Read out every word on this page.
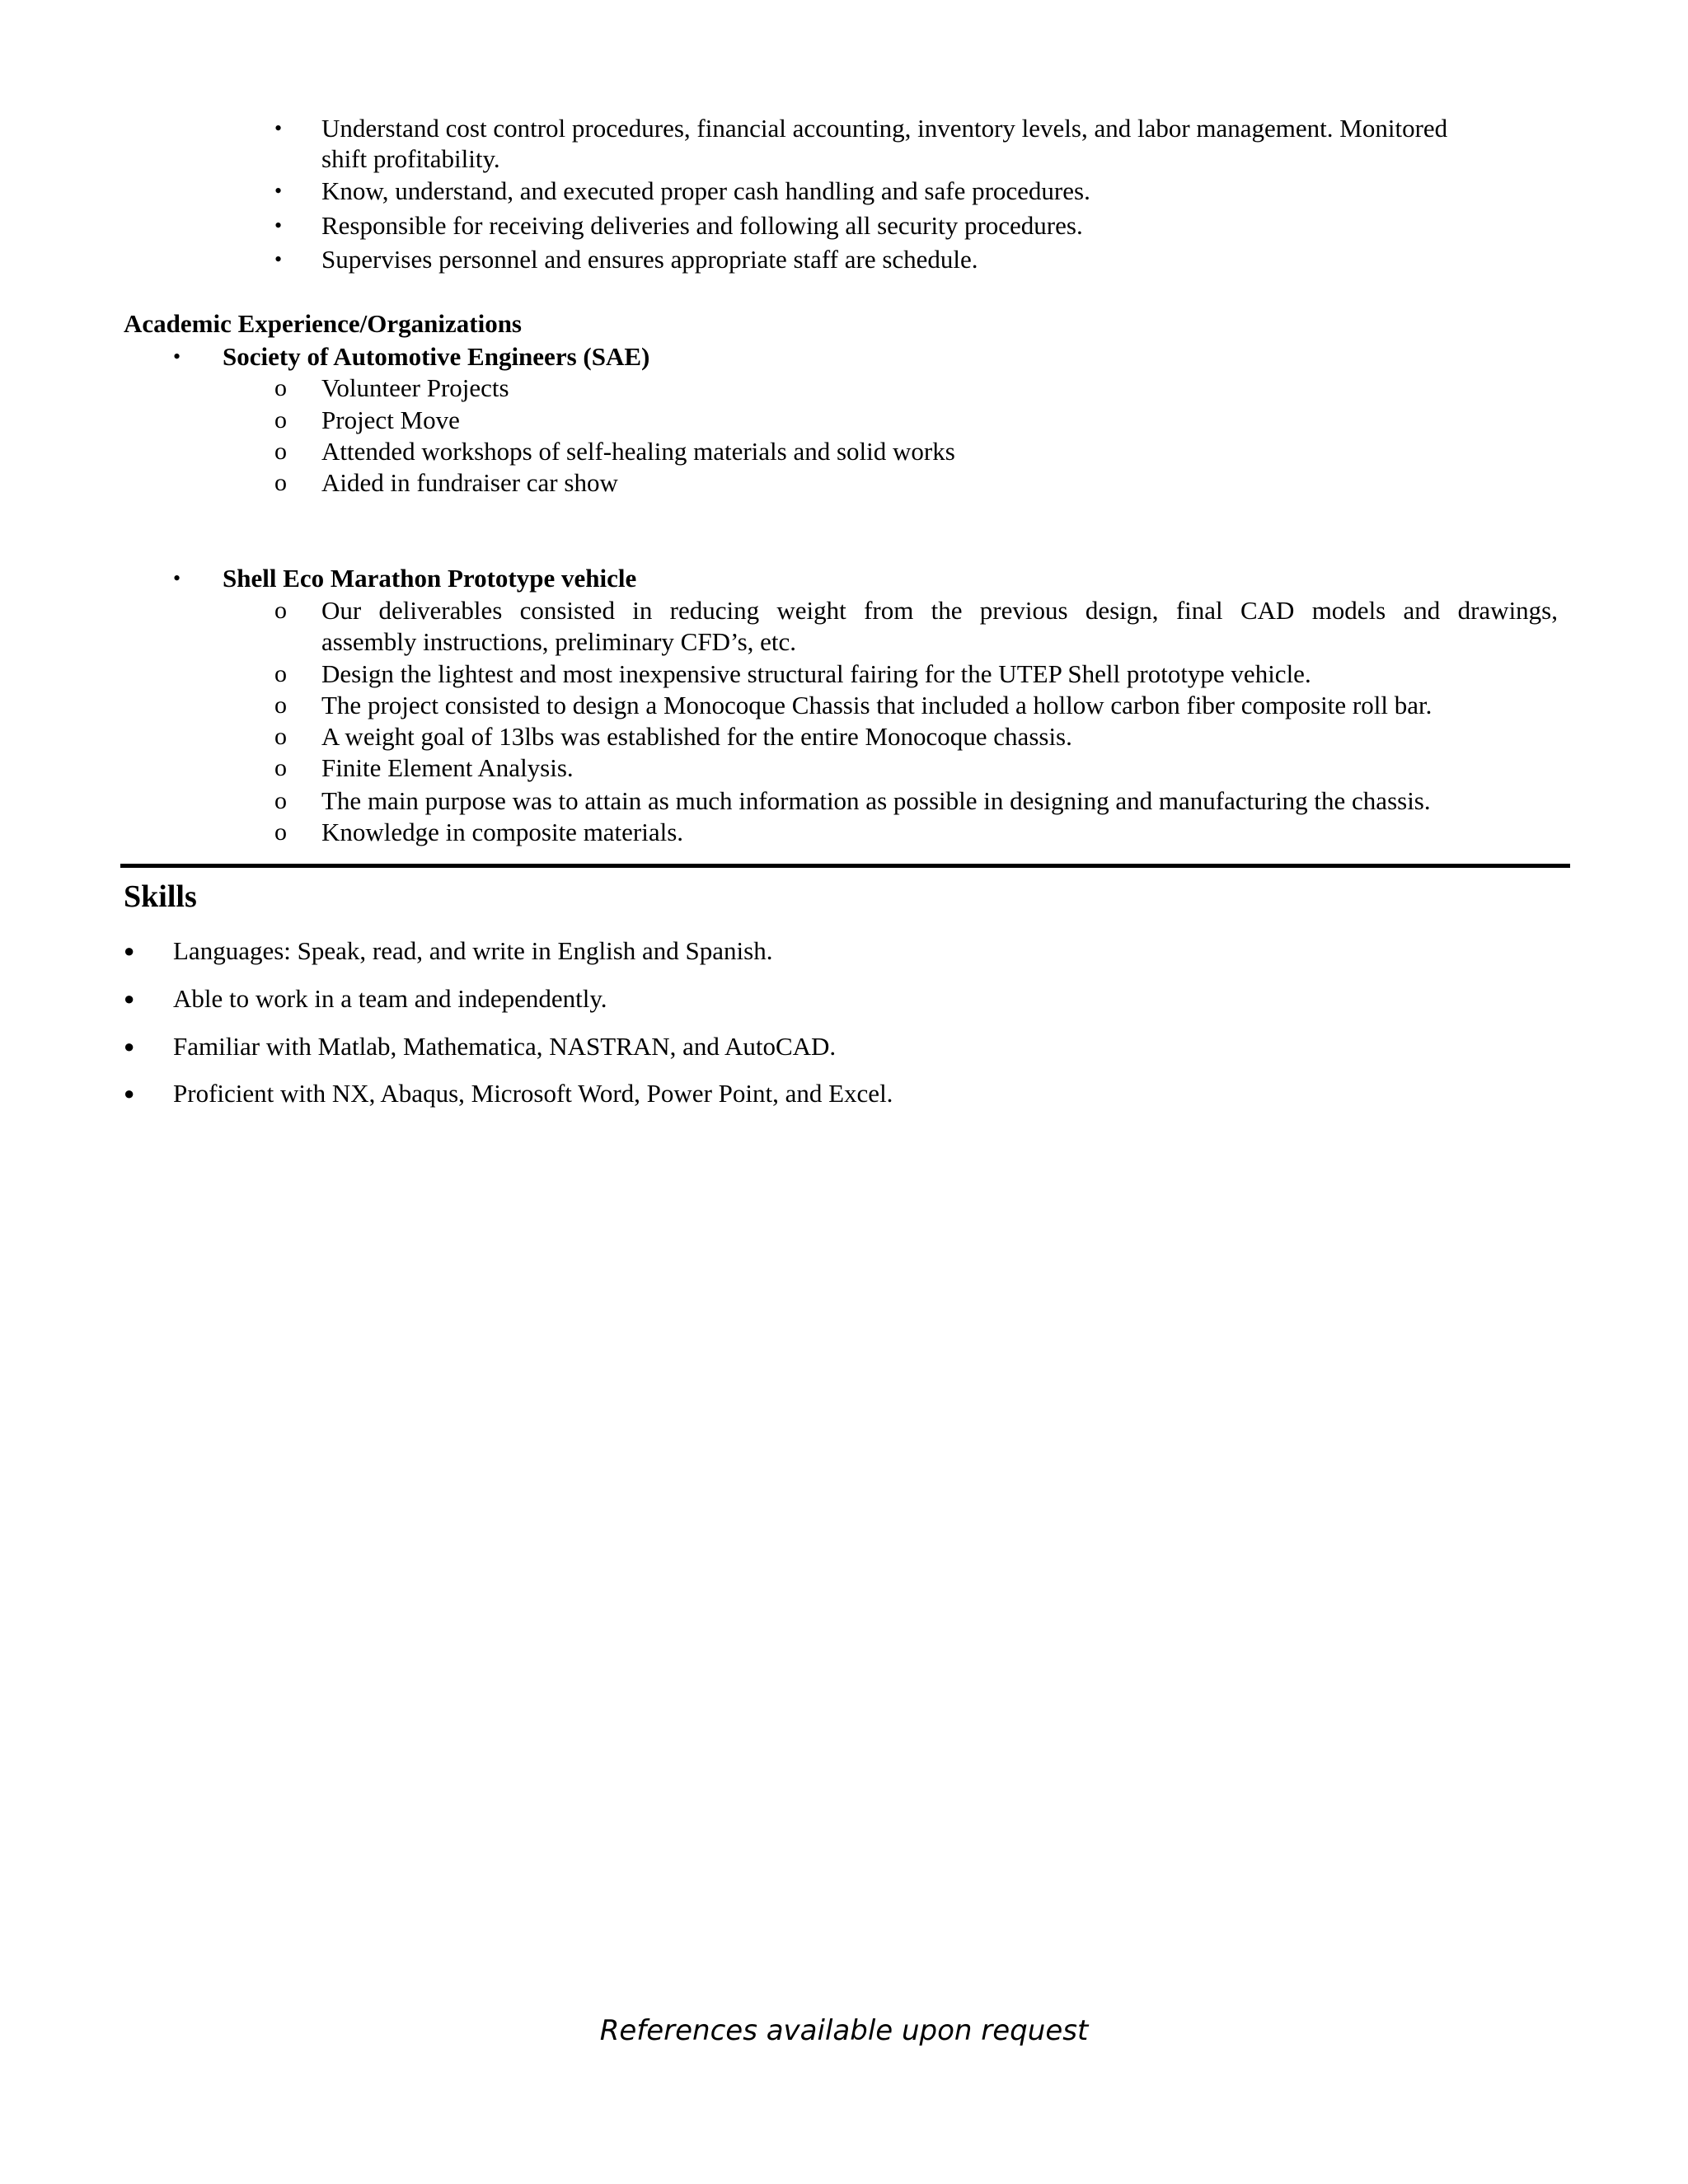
• Understand cost control procedures, financial accounting, inventory levels, and labor management. Monitored
shift profitability.
• Know, understand, and executed proper cash handling and safe procedures.
• Responsible for receiving deliveries and following all security procedures.
• Supervises personnel and ensures appropriate staff are schedule.
Academic Experience/Organizations
• Society of Automotive Engineers (SAE)
o Volunteer Projects
o Project Move
o Attended workshops of self-healing materials and solid works
o Aided in fundraiser car show
• Shell Eco Marathon Prototype vehicle
o Our deliverables consisted in reducing weight from the previous design, final CAD models and drawings,
assembly instructions, preliminary CFD’s, etc.
o Design the lightest and most inexpensive structural fairing for the UTEP Shell prototype vehicle.
o The project consisted to design a Monocoque Chassis that included a hollow carbon fiber composite roll bar.
o A weight goal of 13lbs was established for the entire Monocoque chassis.
o Finite Element Analysis.
o The main purpose was to attain as much information as possible in designing and manufacturing the chassis.
o Knowledge in composite materials.
Skills
● Languages: Speak, read, and write in English and Spanish.
● Able to work in a team and independently.
● Familiar with Matlab, Mathematica, NASTRAN, and AutoCAD.
● Proficient with NX, Abaqus, Microsoft Word, Power Point, and Excel.
References available upon request
